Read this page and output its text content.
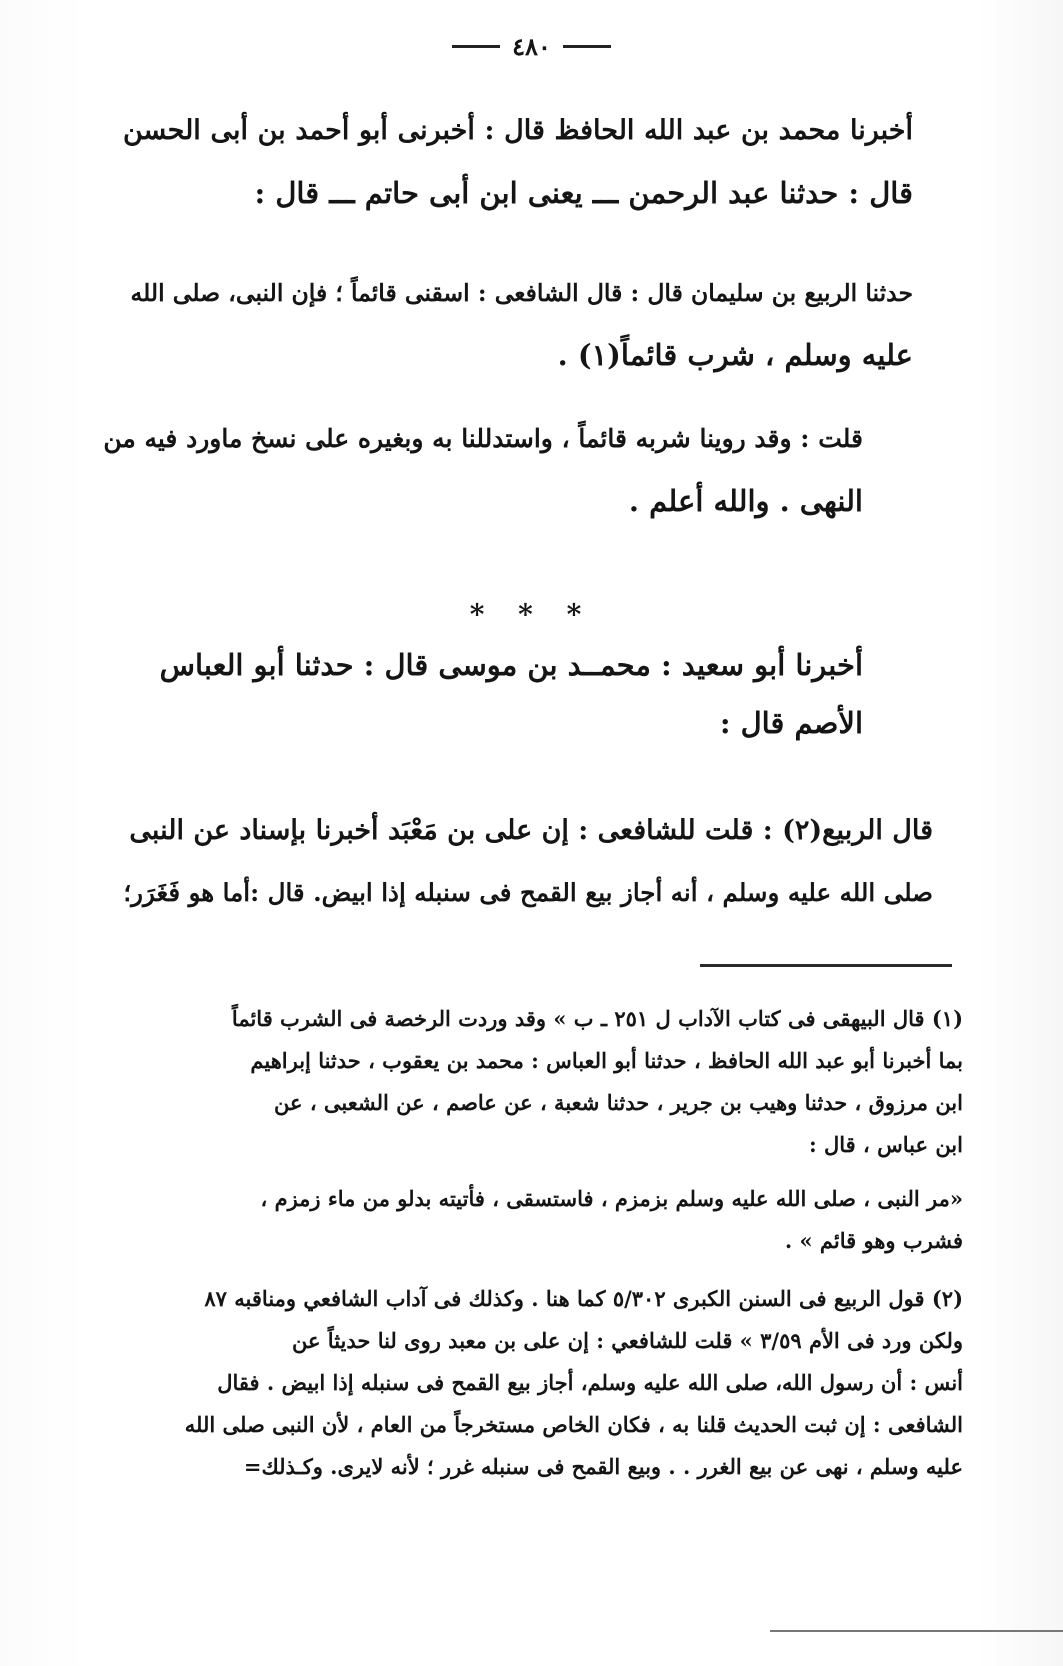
٤٨٠
أخبرنا محمد بن عبد الله الحافظ قال : أخبرنى أبو أحمد بن أبى الحسن
قال : حدثنا عبد الرحمن ـــ يعنى ابن أبى حاتم ـــ قال :
حدثنا الربيع بن سليمان قال : قال الشافعى : اسقنى قائماً ؛ فإن النبى، صلى الله
عليه وسلم ، شرب قائماً(١) .
قلت : وقد روينا شربه قائماً ، واستدللنا به وبغيره على نسخ ماورد فيه من
النهى . والله أعلم .
* * *
أخبرنا أبو سعيد : محمــد بن موسى قال : حدثنا أبو العباس
الأصم قال :
قال الربيع(٢) : قلت للشافعى : إن على بن مَعْبَد أخبرنا بإسناد عن النبى
صلى الله عليه وسلم ، أنه أجاز بيع القمح فى سنبله إذا ابيض. قال :أما هو فَغَرَر؛
(١) قال البيهقى فى كتاب الآداب ل ٢٥١ ـ ب » وقد وردت الرخصة فى الشرب قائماً
بما أخبرنا أبو عبد الله الحافظ ، حدثنا أبو العباس : محمد بن يعقوب ، حدثنا إبراهيم
ابن مرزوق ، حدثنا وهيب بن جرير ، حدثنا شعبة ، عن عاصم ، عن الشعبى ، عن
ابن عباس ، قال :
«مر النبى ، صلى الله عليه وسلم بزمزم ، فاستسقى ، فأتيته بدلو من ماء زمزم ،
فشرب وهو قائم » .
(٢) قول الربيع فى السنن الكبرى ٥/٣٠٢ كما هنا . وكذلك فى آداب الشافعي ومناقبه ٨٧
ولكن ورد فى الأم ٣/٥٩ » قلت للشافعي : إن على بن معبد روى لنا حديثاً عن
أنس : أن رسول الله، صلى الله عليه وسلم، أجاز بيع القمح فى سنبله إذا ابيض . فقال
الشافعى : إن ثبت الحديث قلنا به ، فكان الخاص مستخرجاً من العام ، لأن النبى صلى الله
عليه وسلم ، نهى عن بيع الغرر . . وبيع القمح فى سنبله غرر ؛ لأنه لايرى. وكـذلك=
